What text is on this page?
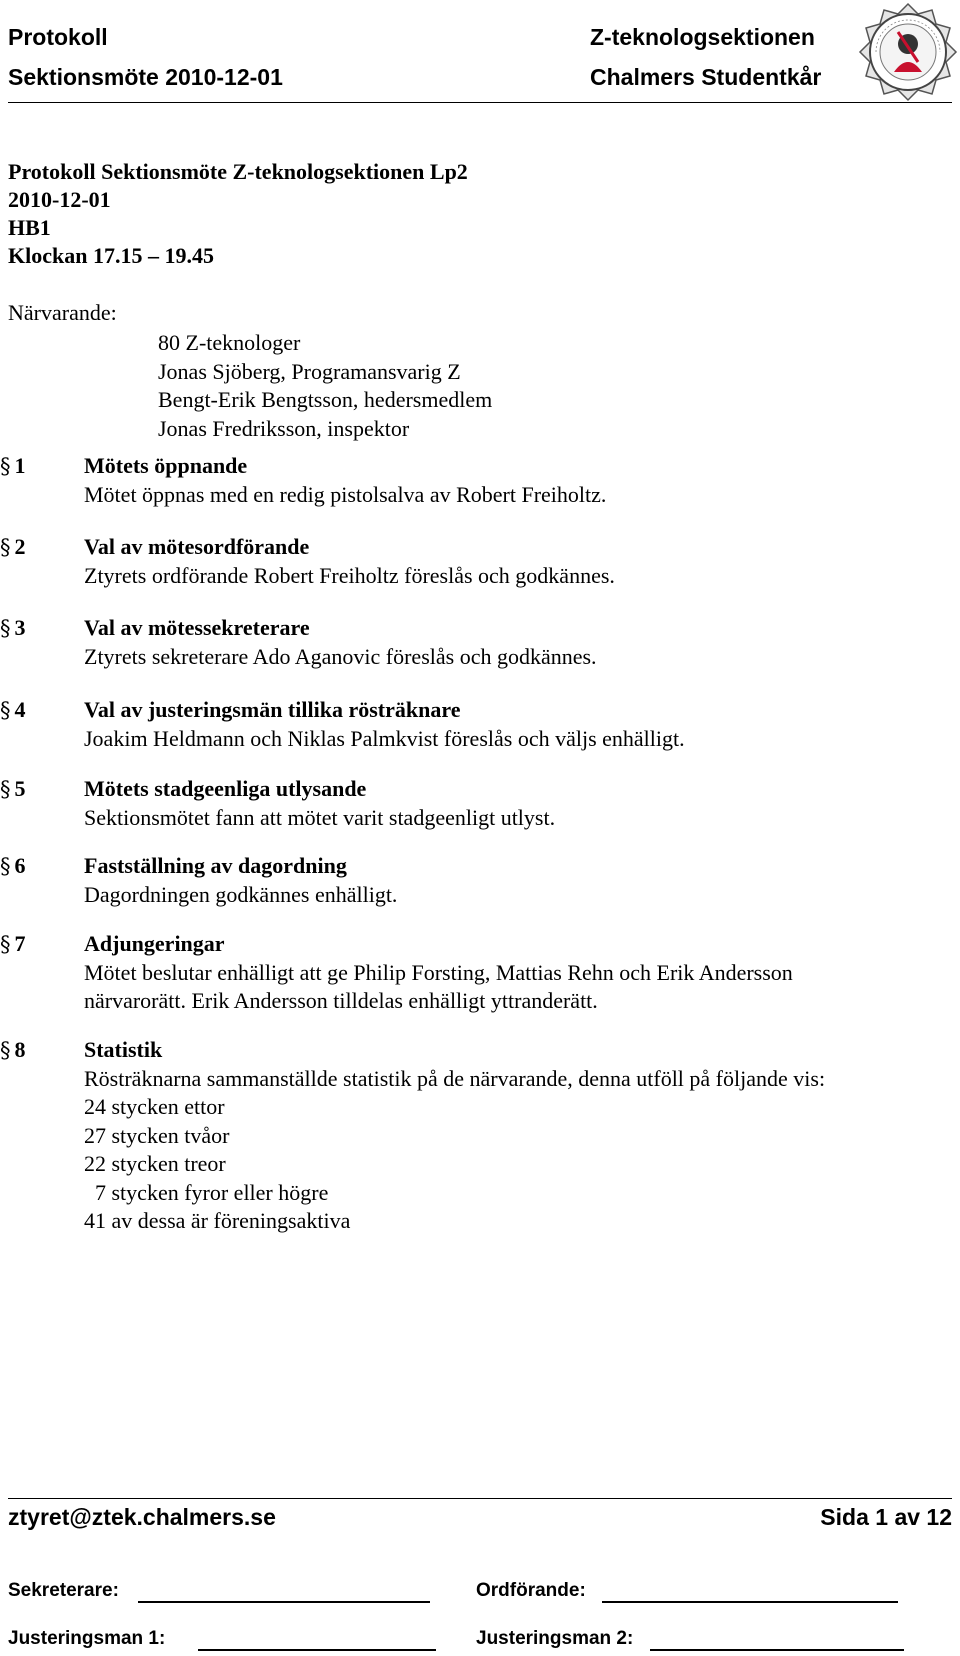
Protokoll
Sektionsmöte 2010-12-01
Z-teknologsektionen
Chalmers Studentkår
Protokoll Sektionsmöte Z-teknologsektionen Lp2
2010-12-01
HB1
Klockan 17.15 – 19.45
Närvarande:
80 Z-teknologer
Jonas Sjöberg, Programansvarig Z
Bengt-Erik Bengtsson, hedersmedlem
Jonas Fredriksson, inspektor
§ 1	Mötets öppnande
Mötet öppnas med en redig pistolsalva av Robert Freiholtz.
§ 2	Val av mötesordförande
Ztyrets ordförande Robert Freiholtz föreslås och godkännes.
§ 3	Val av mötessekreterare
Ztyrets sekreterare Ado Aganovic föreslås och godkännes.
§ 4	Val av justeringsmän tillika rösträknare
Joakim Heldmann och Niklas Palmkvist föreslås och väljs enhälligt.
§ 5	Mötets stadgeenliga utlysande
Sektionsmötet fann att mötet varit stadgeenligt utlyst.
§ 6	Fastställning av dagordning
Dagordningen godkännes enhälligt.
§ 7	Adjungeringar
Mötet beslutar enhälligt att ge Philip Forsting, Mattias Rehn och Erik Andersson
närvarorätt. Erik Andersson tilldelas enhälligt yttranderätt.
§ 8	Statistik
Rösträknarna sammanställde statistik på de närvarande, denna utföll på följande vis:
24 stycken ettor
27 stycken tvåor
22 stycken treor
7 stycken fyror eller högre
41 av dessa är föreningsaktiva
ztyret@ztek.chalmers.se	Sida 1 av 12
Sekreterare:	Ordförande:
Justeringsman 1:	Justeringsman 2:
